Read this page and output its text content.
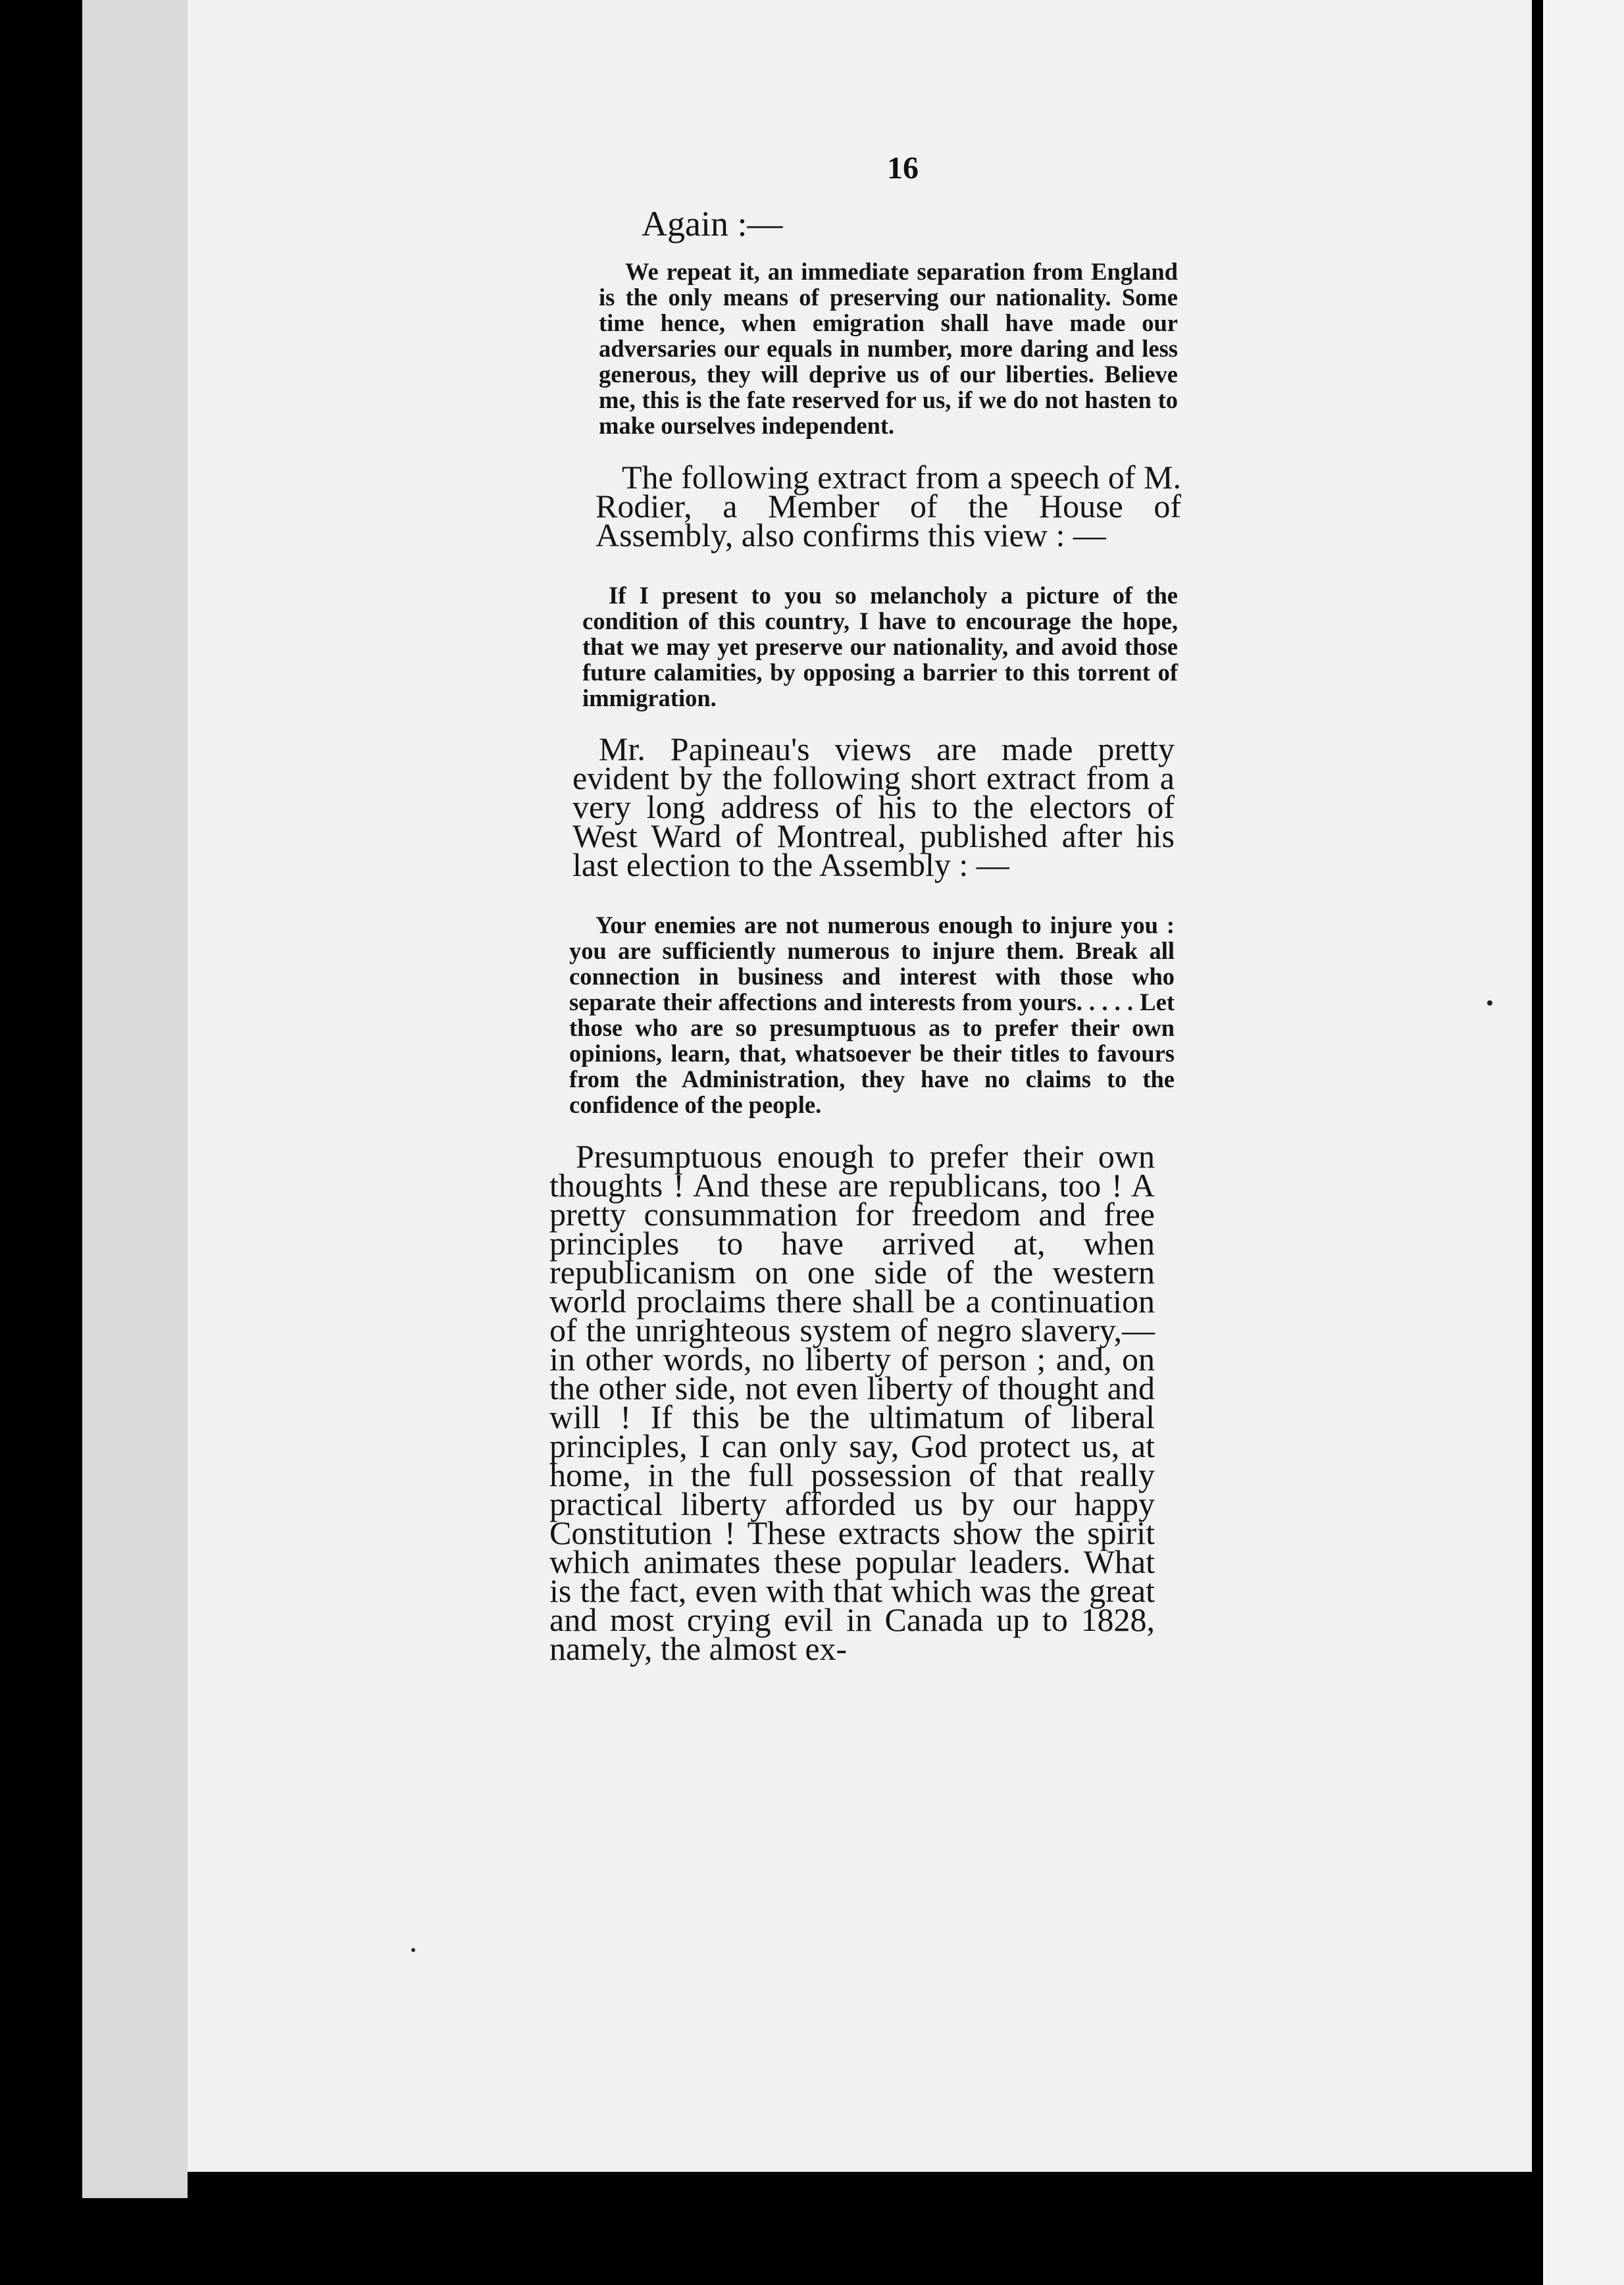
16
Again :—

We repeat it, an immediate separation from England is the only means of preserving our nationality. Some time hence, when emigration shall have made our adversaries our equals in number, more daring and less generous, they will deprive us of our liberties. Believe me, this is the fate reserved for us, if we do not hasten to make ourselves independent.

The following extract from a speech of M. Rodier, a Member of the House of Assembly, also confirms this view : —

If I present to you so melancholy a picture of the condition of this country, I have to encourage the hope, that we may yet preserve our nationality, and avoid those future calamities, by opposing a barrier to this torrent of immigration.

Mr. Papineau's views are made pretty evident by the following short extract from a very long address of his to the electors of West Ward of Montreal, published after his last election to the Assembly : —

Your enemies are not numerous enough to injure you : you are sufficiently numerous to injure them. Break all connection in business and interest with those who separate their affections and interests from yours. . . . . Let those who are so presumptuous as to prefer their own opinions, learn, that, whatsoever be their titles to favours from the Administration, they have no claims to the confidence of the people.

Presumptuous enough to prefer their own thoughts ! And these are republicans, too ! A pretty consummation for freedom and free principles to have arrived at, when republicanism on one side of the western world proclaims there shall be a continuation of the unrighteous system of negro slavery,—in other words, no liberty of person ; and, on the other side, not even liberty of thought and will ! If this be the ultimatum of liberal principles, I can only say, God protect us, at home, in the full possession of that really practical liberty afforded us by our happy Constitution ! These extracts show the spirit which animates these popular leaders. What is the fact, even with that which was the great and most crying evil in Canada up to 1828, namely, the almost ex-
